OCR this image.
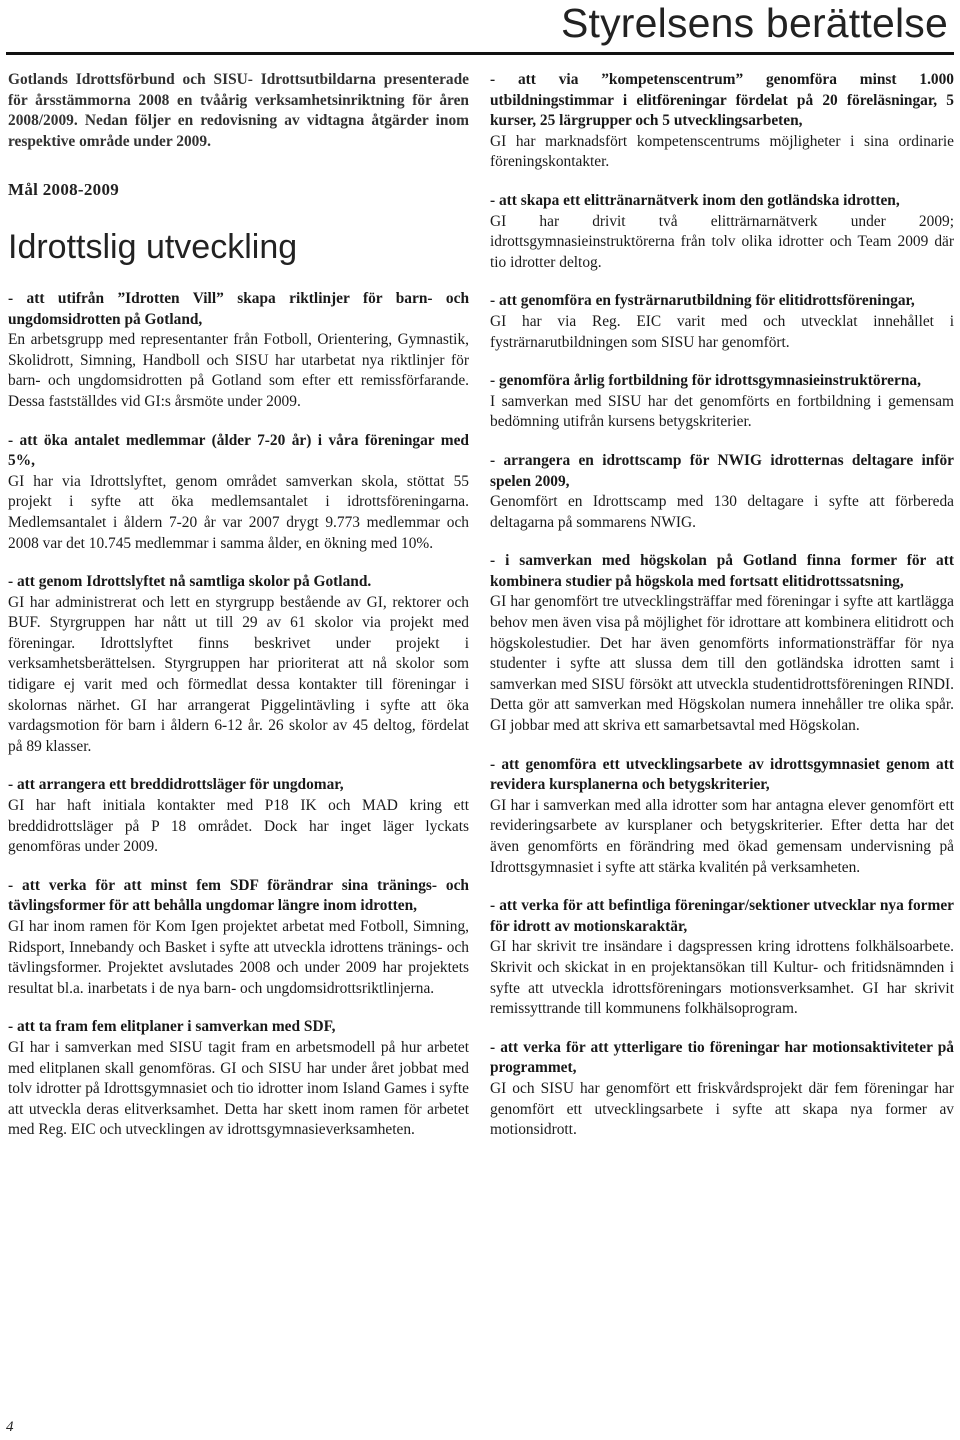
Styrelsens berättelse

Gotlands Idrottsförbund och SISU- Idrottsutbildarna presenterade för årsstämmorna 2008 en tvåårig verksamhetsinriktning för åren 2008/2009. Nedan följer en redovisning av vidtagna åtgärder inom respektive område under 2009.

Mål 2008-2009
Idrottslig utveckling

- att utifrån ”Idrotten Vill” skapa riktlinjer för barn- och ungdomsidrotten på Gotland,
En arbetsgrupp med representanter från Fotboll, Orientering, Gymnastik, Skolidrott, Simning, Handboll och SISU har utarbetat nya riktlinjer för barn- och ungdomsidrotten på Gotland som efter ett remissförfarande. Dessa fastställdes vid GI:s årsmöte under 2009.

- att öka antalet medlemmar (ålder 7-20 år) i våra föreningar med 5%,
GI har via Idrottslyftet, genom området samverkan skola, stöttat 55 projekt i syfte att öka medlemsantalet i idrottsföreningarna. Medlemsantalet i åldern 7-20 år var 2007 drygt 9.773 medlemmar och 2008 var det 10.745 medlemmar i samma ålder, en ökning med 10%.

- att genom Idrottslyftet nå samtliga skolor på Gotland.
GI har administrerat och lett en styrgrupp bestående av GI, rektorer och BUF. Styrgruppen har nått ut till 29 av 61 skolor via projekt med föreningar. Idrottslyftet finns beskrivet under projekt i verksamhetsberättelsen. Styrgruppen har prioriterat att nå skolor som tidigare ej varit med och förmedlat dessa kontakter till föreningar i skolornas närhet. GI har arrangerat Piggelintävling i syfte att öka vardagsmotion för barn i åldern 6-12 år. 26 skolor av 45 deltog, fördelat på 89 klasser.

- att arrangera ett breddidrottsläger för ungdomar,
GI har haft initiala kontakter med P18 IK och MAD kring ett breddidrottsläger på P 18 området. Dock har inget läger lyckats genomföras under 2009.

- att verka för att minst fem SDF förändrar sina tränings- och tävlingsformer för att behålla ungdomar längre inom idrotten,
GI har inom ramen för Kom Igen projektet arbetat med Fotboll, Simning, Ridsport, Innebandy och Basket i syfte att utveckla idrottens tränings- och tävlingsformer. Projektet avslutades 2008 och under 2009 har projektets resultat bl.a. inarbetats i de nya barn- och ungdomsidrottsriktlinjerna.

- att ta fram fem elitplaner i samverkan med SDF,
GI har i samverkan med SISU tagit fram en arbetsmodell på hur arbetet med elitplanen skall genomföras. GI och SISU har under året jobbat med tolv idrotter på Idrottsgymnasiet och tio idrotter inom Island Games i syfte att utveckla deras elitverksamhet. Detta har skett inom ramen för arbetet med Reg. EIC och utvecklingen av idrottsgymnasieverksamheten.

- att via ”kompetenscentrum” genomföra minst 1.000 utbildningstimmar i elitföreningar fördelat på 20 föreläsningar, 5 kurser, 25 lärgrupper och 5 utvecklingsarbeten,
GI har marknadsfört kompetenscentrums möjligheter i sina ordinarie föreningskontakter.

- att skapa ett elittränarnätverk inom den gotländska idrotten,
GI har drivit två elitträrnarnätverk under 2009; idrottsgymnasieinstruktörerna från tolv olika idrotter och Team 2009 där tio idrotter deltog.

- att genomföra en fysträrnarutbildning för elitidrottsföreningar,
GI har via Reg. EIC varit med och utvecklat innehållet i fysträrnarutbildningen som SISU har genomfört.

- genomföra årlig fortbildning för idrottsgymnasieinstruktörerna,
I samverkan med SISU har det genomförts en fortbildning i gemensam bedömning utifrån kursens betygskriterier.

- arrangera en idrottscamp för NWIG idrotternas deltagare inför spelen 2009,
Genomfört en Idrottscamp med 130 deltagare i syfte att förbereda deltagarna på sommarens NWIG.

- i samverkan med högskolan på Gotland finna former för att kombinera studier på högskola med fortsatt elitidrottssatsning,
GI har genomfört tre utvecklingsträffar med föreningar i syfte att kartlägga behov men även visa på möjlighet för idrottare att kombinera elitidrott och högskolestudier. Det har även genomförts informationsträffar för nya studenter i syfte att slussa dem till den gotländska idrotten samt i samverkan med SISU försökt att utveckla studentidrottsföreningen RINDI. Detta gör att samverkan med Högskolan numera innehåller tre olika spår. GI jobbar med att skriva ett samarbetsavtal med Högskolan.

- att genomföra ett utvecklingsarbete av idrottsgymnasiet genom att revidera kursplanerna och betygskriterier,
GI har i samverkan med alla idrotter som har antagna elever genomfört ett revideringsarbete av kursplaner och betygskriterier. Efter detta har det även genomförts en förändring med ökad gemensam undervisning på Idrottsgymnasiet i syfte att stärka kvalitén på verksamheten.

- att verka för att befintliga föreningar/sektioner utvecklar nya former för idrott av motionskaraktär,
GI har skrivit tre insändare i dagspressen kring idrottens folkhälsoarbete. Skrivit och skickat in en projektansökan till Kultur- och fritidsnämnden i syfte att utveckla idrottsföreningars motionsverksamhet. GI har skrivit remissyttrande till kommunens folkhälsoprogram.

- att verka för att ytterligare tio föreningar har motionsaktiviteter på programmet,
GI och SISU har genomfört ett friskvårdsprojekt där fem föreningar har genomfört ett utvecklingsarbete i syfte att skapa nya former av motionsidrott.

4
